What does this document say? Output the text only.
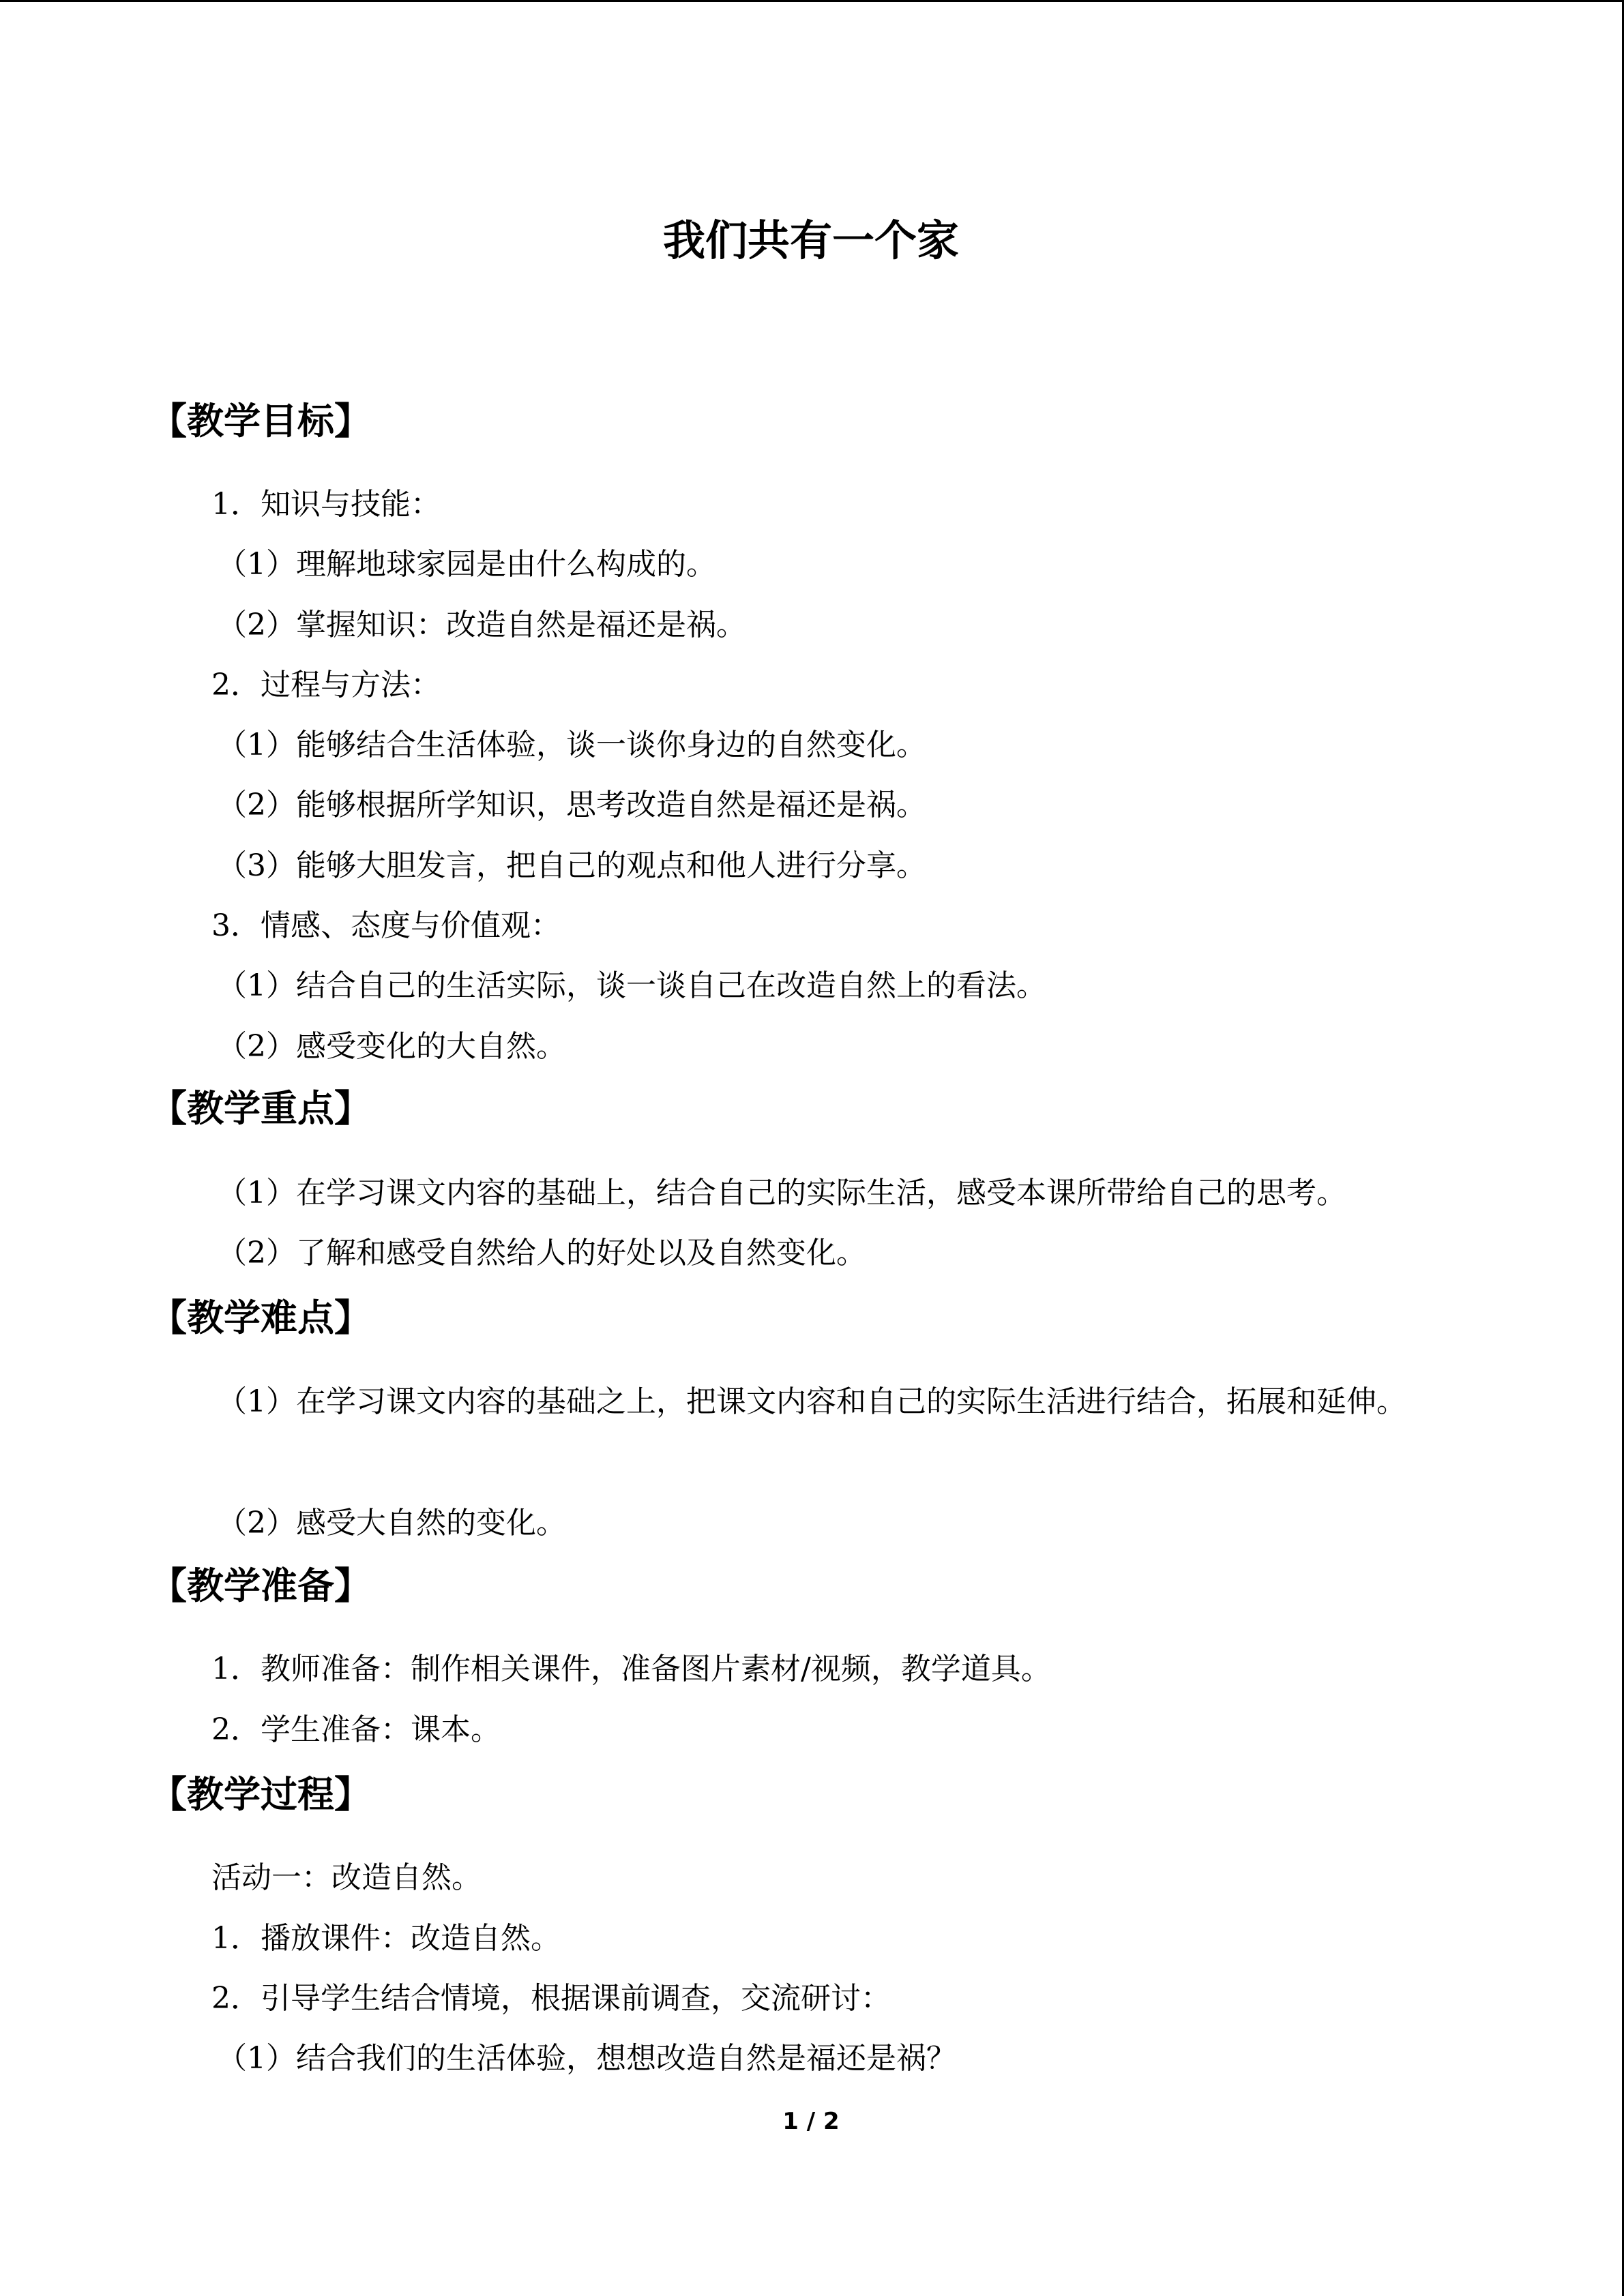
我们共有一个家
【教学目标】
1．知识与技能：
（1）理解地球家园是由什么构成的。
（2）掌握知识：改造自然是福还是祸。
2．过程与方法：
（1）能够结合生活体验，谈一谈你身边的自然变化。
（2）能够根据所学知识，思考改造自然是福还是祸。
（3）能够大胆发言，把自己的观点和他人进行分享。
3．情感、态度与价值观：
（1）结合自己的生活实际，谈一谈自己在改造自然上的看法。
（2）感受变化的大自然。
【教学重点】
（1）在学习课文内容的基础上，结合自己的实际生活，感受本课所带给自己的思考。
（2）了解和感受自然给人的好处以及自然变化。
【教学难点】
（1）在学习课文内容的基础之上，把课文内容和自己的实际生活进行结合，拓展和延伸。
（2）感受大自然的变化。
【教学准备】
1．教师准备：制作相关课件，准备图片素材/视频，教学道具。
2．学生准备：课本。
【教学过程】
活动一：改造自然。
1．播放课件：改造自然。
2．引导学生结合情境，根据课前调查，交流研讨：
（1）结合我们的生活体验，想想改造自然是福还是祸？
1 / 2
